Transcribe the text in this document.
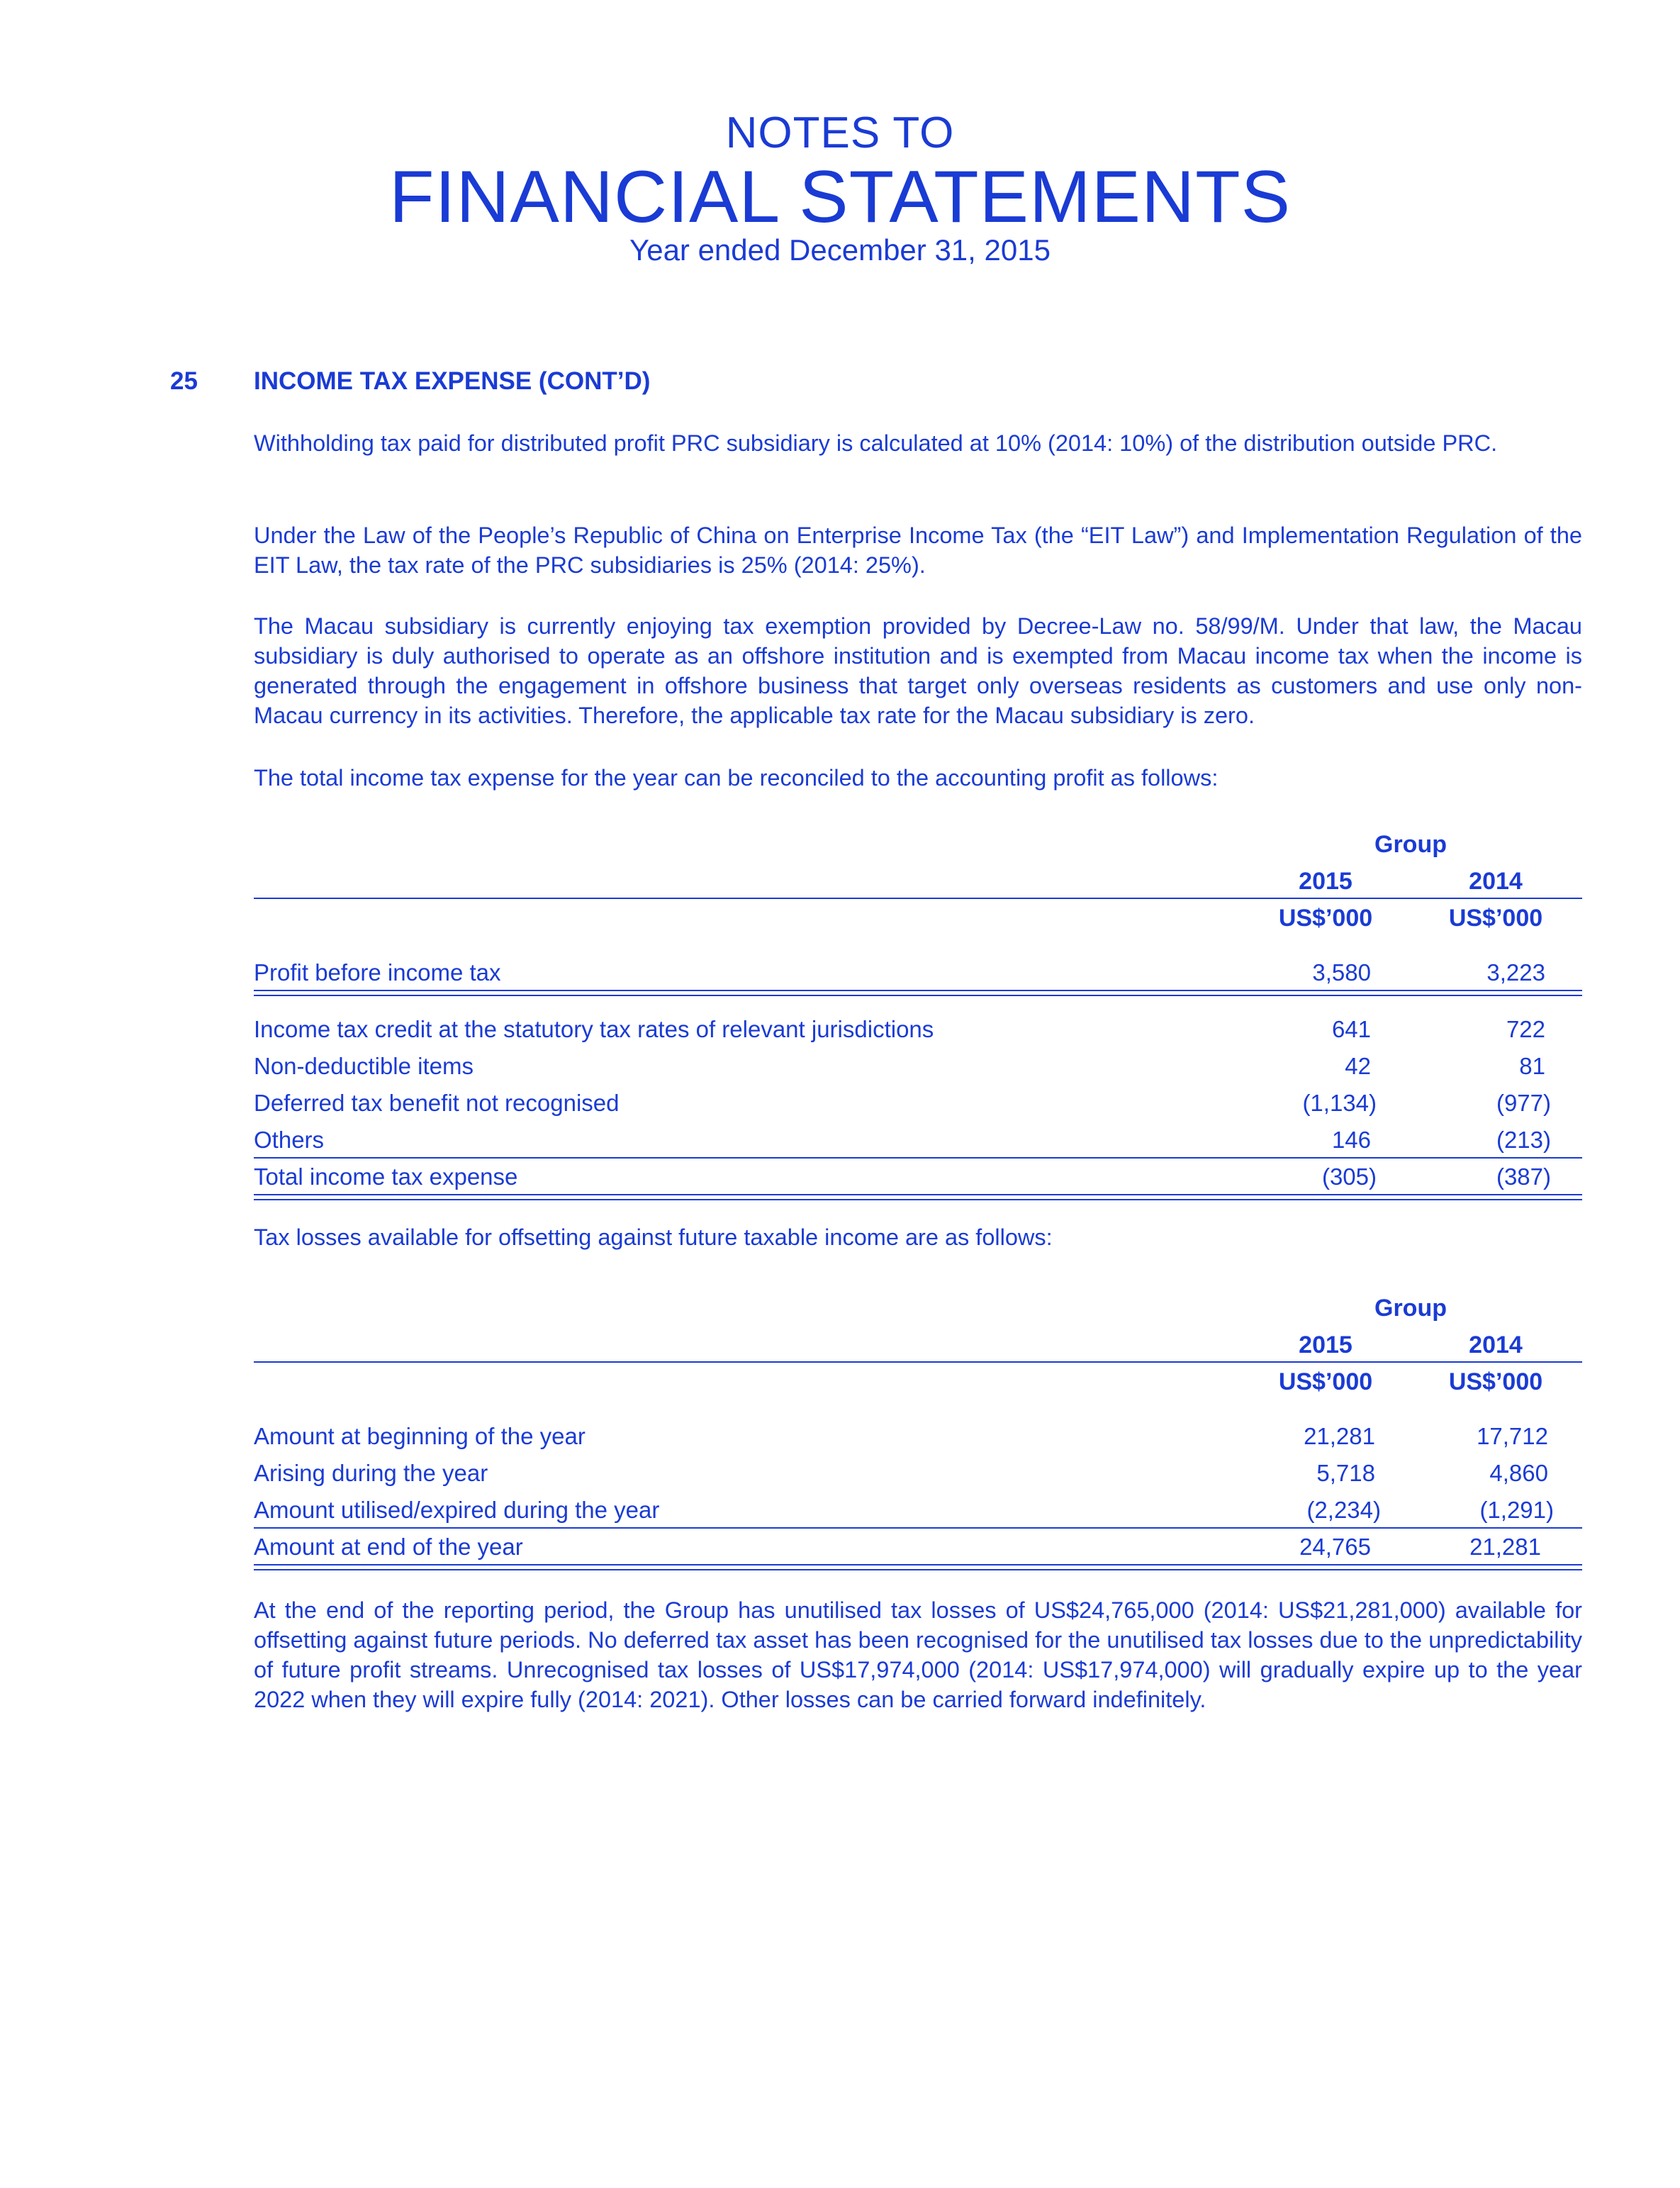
NOTES TO
FINANCIAL STATEMENTS
Year ended December 31, 2015
25 INCOME TAX EXPENSE (CONT’D)

Withholding tax paid for distributed profit PRC subsidiary is calculated at 10% (2014: 10%) of the distribution outside PRC.

Under the Law of the People’s Republic of China on Enterprise Income Tax (the “EIT Law”) and Implementation Regulation of the EIT Law, the tax rate of the PRC subsidiaries is 25% (2014: 25%).

The Macau subsidiary is currently enjoying tax exemption provided by Decree-Law no. 58/99/M. Under that law, the Macau subsidiary is duly authorised to operate as an offshore institution and is exempted from Macau income tax when the income is generated through the engagement in offshore business that target only overseas residents as customers and use only non-Macau currency in its activities. Therefore, the applicable tax rate for the Macau subsidiary is zero.

The total income tax expense for the year can be reconciled to the accounting profit as follows:

Group
2015	2014
US$’000	US$’000
Profit before income tax	3,580	3,223
Income tax credit at the statutory tax rates of relevant jurisdictions	641	722
Non-deductible items	42	81
Deferred tax benefit not recognised	(1,134)	(977)
Others	146	(213)
Total income tax expense	(305)	(387)

Tax losses available for offsetting against future taxable income are as follows:

Group
2015	2014
US$’000	US$’000
Amount at beginning of the year	21,281	17,712
Arising during the year	5,718	4,860
Amount utilised/expired during the year	(2,234)	(1,291)
Amount at end of the year	24,765	21,281

At the end of the reporting period, the Group has unutilised tax losses of US$24,765,000 (2014: US$21,281,000) available for offsetting against future periods. No deferred tax asset has been recognised for the unutilised tax losses due to the unpredictability of future profit streams. Unrecognised tax losses of US$17,974,000 (2014: US$17,974,000) will gradually expire up to the year 2022 when they will expire fully (2014: 2021). Other losses can be carried forward indefinitely.
